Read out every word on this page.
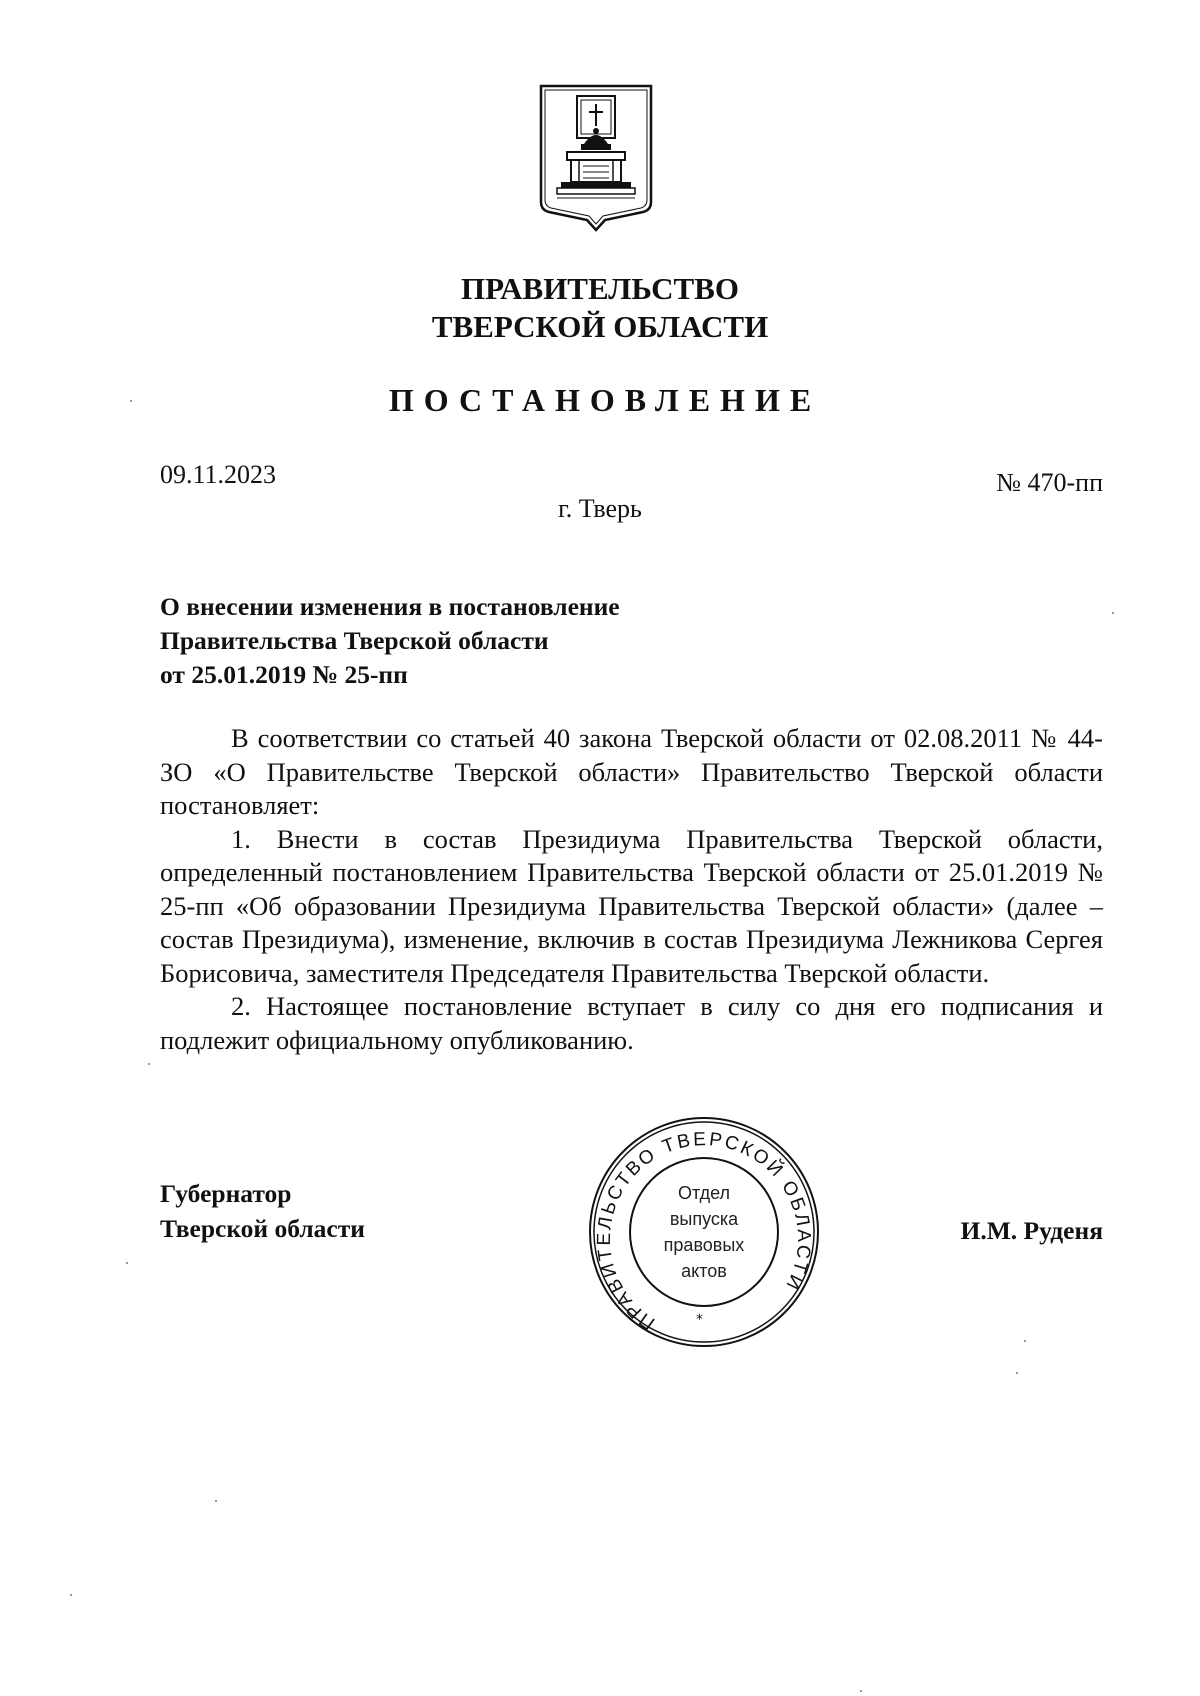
ПРАВИТЕЛЬСТВО
ТВЕРСКОЙ ОБЛАСТИ
ПОСТАНОВЛЕНИЕ
09.11.2023	№ 470-пп
г. Тверь
О внесении изменения в постановление
Правительства Тверской области
от 25.01.2019 № 25-пп

В соответствии со статьей 40 закона Тверской области от 02.08.2011 № 44-ЗО «О Правительстве Тверской области» Правительство Тверской области постановляет:

1. Внести в состав Президиума Правительства Тверской области, определенный постановлением Правительства Тверской области от 25.01.2019 № 25-пп «Об образовании Президиума Правительства Тверской области» (далее – состав Президиума), изменение, включив в состав Президиума Лежникова Сергея Борисовича, заместителя Председателя Правительства Тверской области.

2. Настоящее постановление вступает в силу со дня его подписания и подлежит официальному опубликованию.

Губернатор
Тверской области
ПРАВИТЕЛЬСТВО ТВЕРСКОЙ ОБЛАСТИ
Отдел
выпуска
правовых
актов
*
И.М. Руденя
